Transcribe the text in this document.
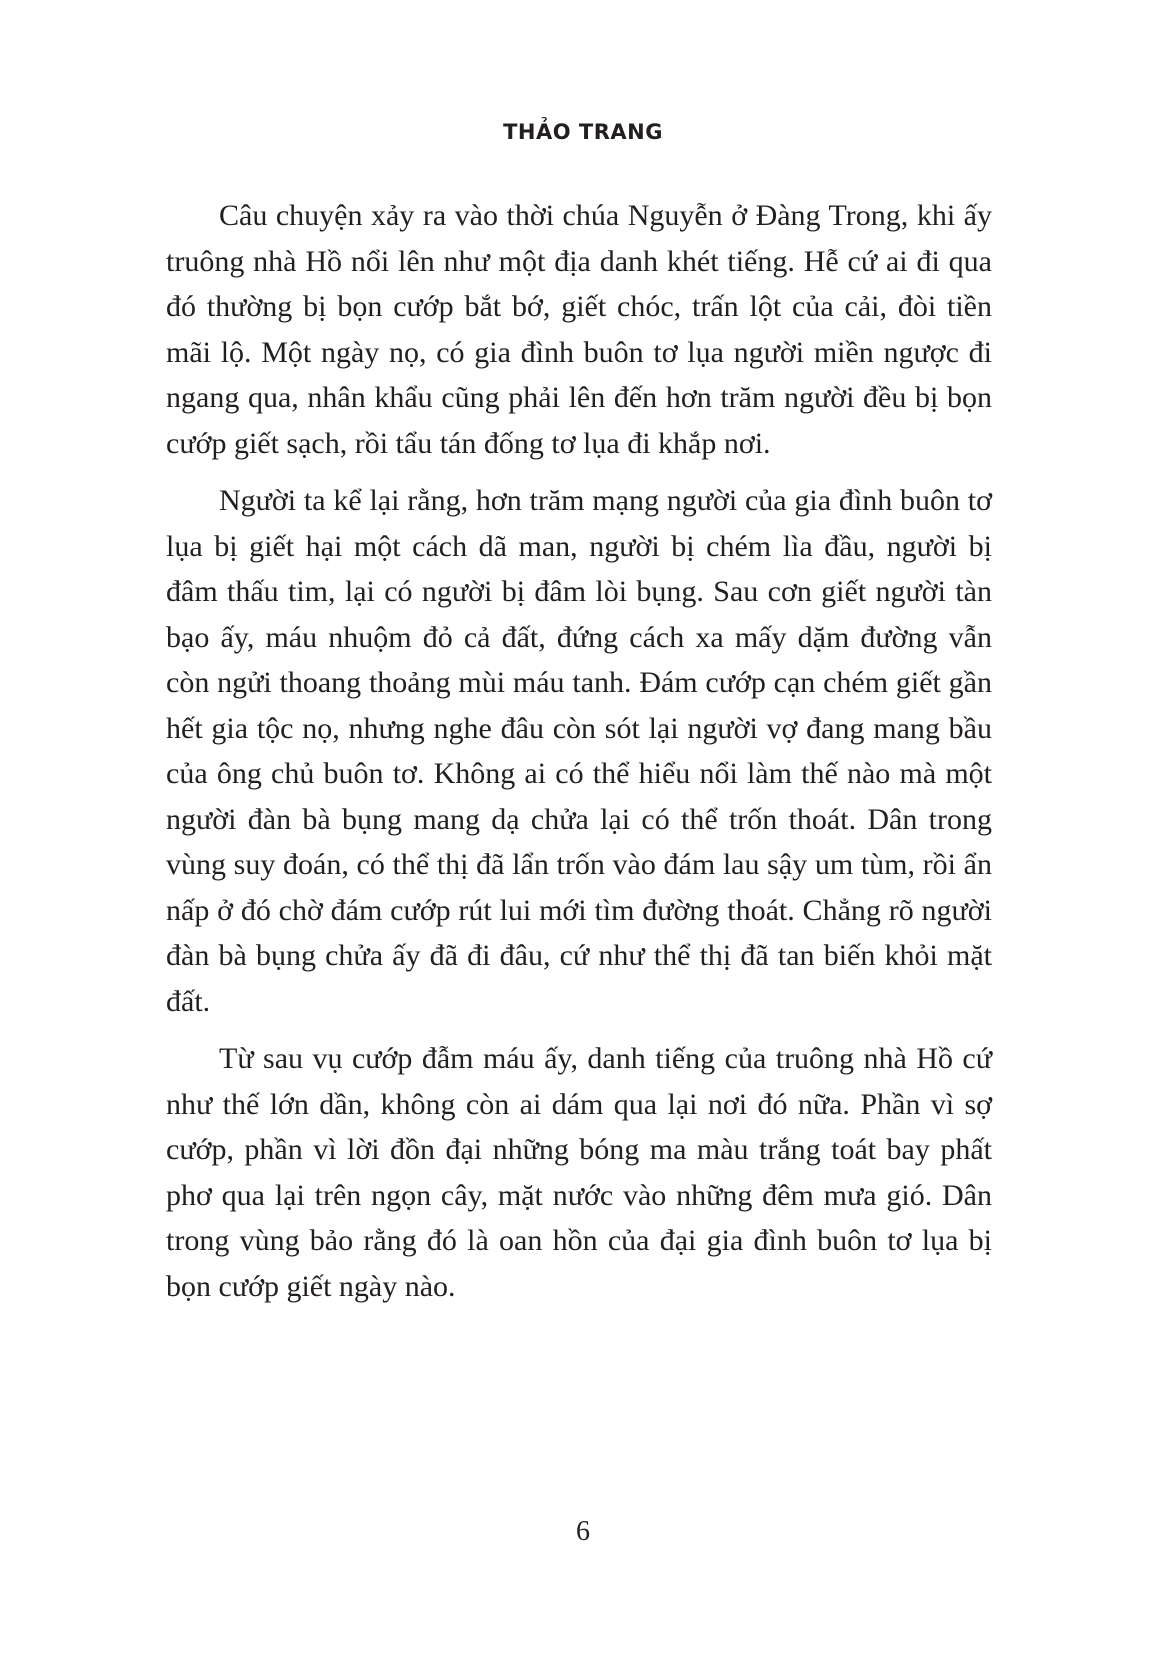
THẢO TRANG

Câu chuyện xảy ra vào thời chúa Nguyễn ở Đàng Trong, khi ấy truông nhà Hồ nổi lên như một địa danh khét tiếng. Hễ cứ ai đi qua đó thường bị bọn cướp bắt bớ, giết chóc, trấn lột của cải, đòi tiền mãi lộ. Một ngày nọ, có gia đình buôn tơ lụa người miền ngược đi ngang qua, nhân khẩu cũng phải lên đến hơn trăm người đều bị bọn cướp giết sạch, rồi tẩu tán đống tơ lụa đi khắp nơi.

Người ta kể lại rằng, hơn trăm mạng người của gia đình buôn tơ lụa bị giết hại một cách dã man, người bị chém lìa đầu, người bị đâm thấu tim, lại có người bị đâm lòi bụng. Sau cơn giết người tàn bạo ấy, máu nhuộm đỏ cả đất, đứng cách xa mấy dặm đường vẫn còn ngửi thoang thoảng mùi máu tanh. Đám cướp cạn chém giết gần hết gia tộc nọ, nhưng nghe đâu còn sót lại người vợ đang mang bầu của ông chủ buôn tơ. Không ai có thể hiểu nổi làm thế nào mà một người đàn bà bụng mang dạ chửa lại có thể trốn thoát. Dân trong vùng suy đoán, có thể thị đã lẩn trốn vào đám lau sậy um tùm, rồi ẩn nấp ở đó chờ đám cướp rút lui mới tìm đường thoát. Chẳng rõ người đàn bà bụng chửa ấy đã đi đâu, cứ như thể thị đã tan biến khỏi mặt đất.

Từ sau vụ cướp đẫm máu ấy, danh tiếng của truông nhà Hồ cứ như thế lớn dần, không còn ai dám qua lại nơi đó nữa. Phần vì sợ cướp, phần vì lời đồn đại những bóng ma màu trắng toát bay phất phơ qua lại trên ngọn cây, mặt nước vào những đêm mưa gió. Dân trong vùng bảo rằng đó là oan hồn của đại gia đình buôn tơ lụa bị bọn cướp giết ngày nào.

6
